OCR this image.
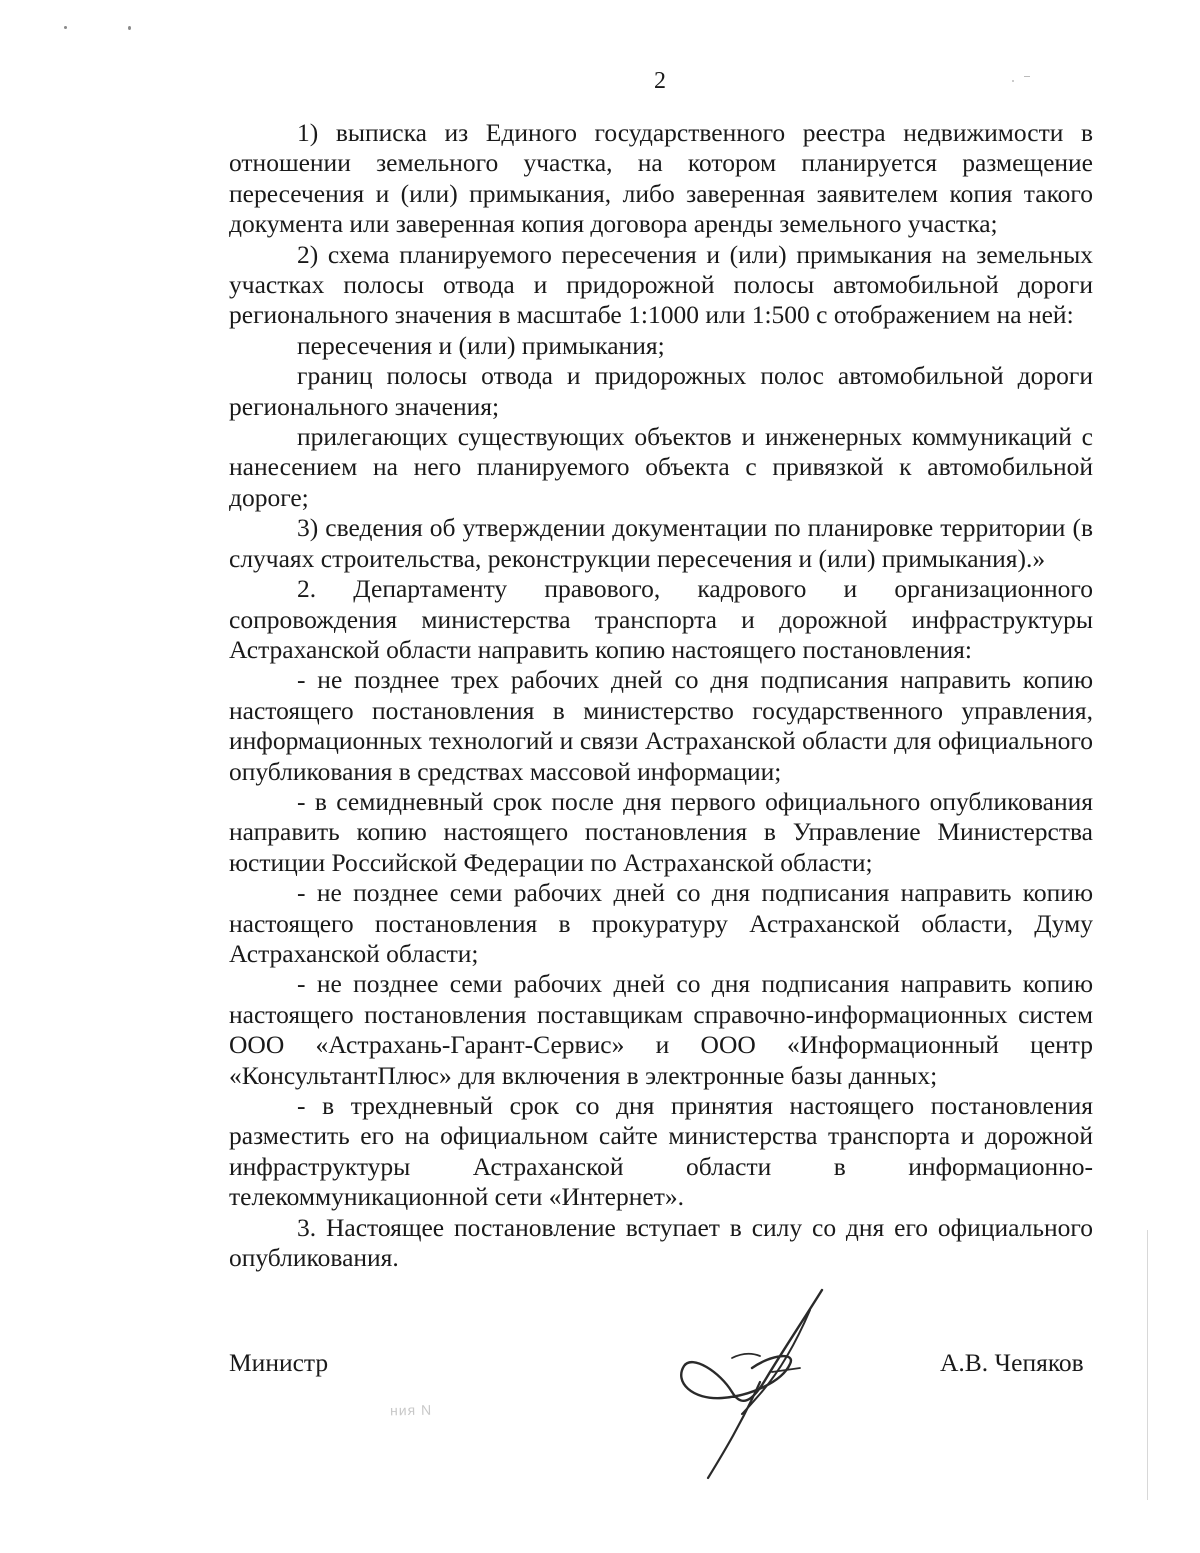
2

1) выписка из Единого государственного реестра недвижимости в отношении земельного участка, на котором планируется размещение пересечения и (или) примыкания, либо заверенная заявителем копия такого документа или заверенная копия договора аренды земельного участка;

2) схема планируемого пересечения и (или) примыкания на земельных участках полосы отвода и придорожной полосы автомобильной дороги регионального значения в масштабе 1:1000 или 1:500 с отображением на ней:

пересечения и (или) примыкания;

границ полосы отвода и придорожных полос автомобильной дороги регионального значения;

прилегающих существующих объектов и инженерных коммуникаций с нанесением на него планируемого объекта с привязкой к автомобильной дороге;

3) сведения об утверждении документации по планировке территории (в случаях строительства, реконструкции пересечения и (или) примыкания).»

2. Департаменту правового, кадрового и организационного сопровождения министерства транспорта и дорожной инфраструктуры Астраханской области направить копию настоящего постановления:

- не позднее трех рабочих дней со дня подписания направить копию настоящего постановления в министерство государственного управления, информационных технологий и связи Астраханской области для официального опубликования в средствах массовой информации;

- в семидневный срок после дня первого официального опубликования направить копию настоящего постановления в Управление Министерства юстиции Российской Федерации по Астраханской области;

- не позднее семи рабочих дней со дня подписания направить копию настоящего постановления в прокуратуру Астраханской области, Думу Астраханской области;

- не позднее семи рабочих дней со дня подписания направить копию настоящего постановления поставщикам справочно-информационных систем ООО «Астрахань-Гарант-Сервис» и ООО «Информационный центр «КонсультантПлюс» для включения в электронные базы данных;

- в трехдневный срок со дня принятия настоящего постановления разместить его на официальном сайте министерства транспорта и дорожной инфраструктуры Астраханской области в информационно-телекоммуникационной сети «Интернет».

3. Настоящее постановление вступает в силу со дня его официального опубликования.

Министр	А.В. Чепяков
ния N
